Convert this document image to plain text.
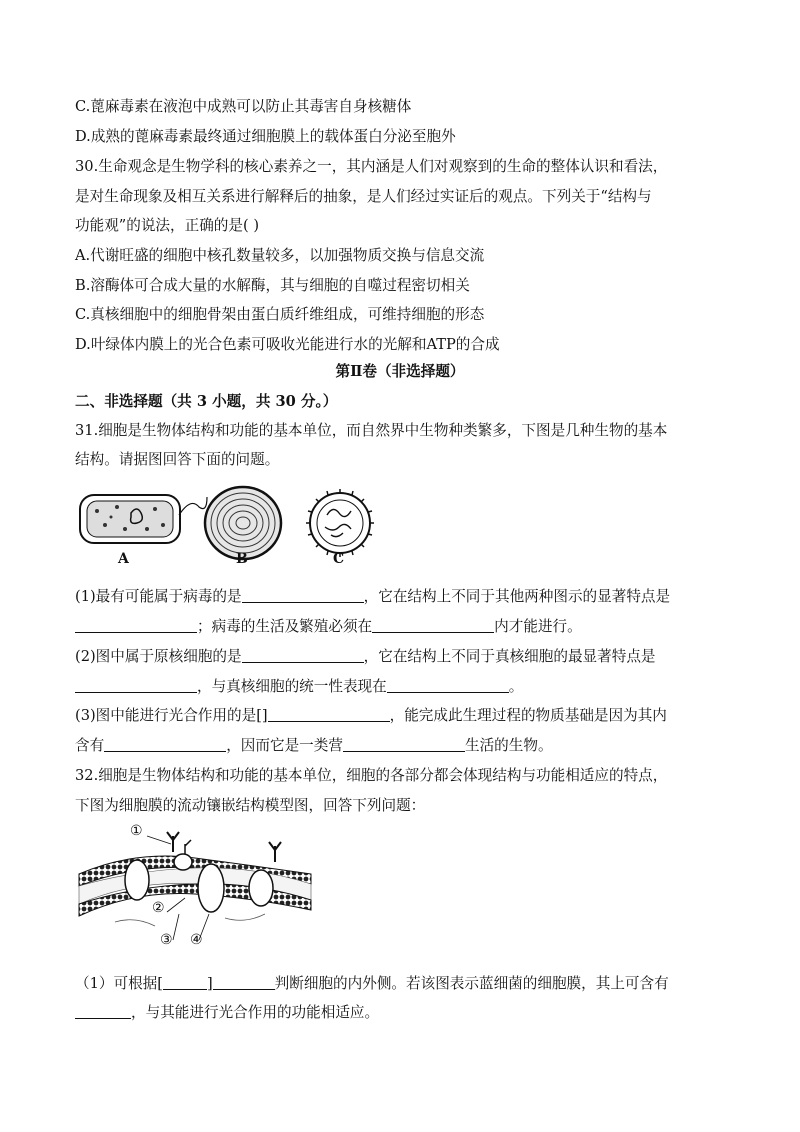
C.蓖麻毒素在液泡中成熟可以防止其毒害自身核糖体
D.成熟的蓖麻毒素最终通过细胞膜上的载体蛋白分泌至胞外
30.生命观念是生物学科的核心素养之一，其内涵是人们对观察到的生命的整体认识和看法，
是对生命现象及相互关系进行解释后的抽象，是人们经过实证后的观点。下列关于“结构与
功能观”的说法，正确的是( )
A.代谢旺盛的细胞中核孔数量较多，以加强物质交换与信息交流
B.溶酶体可合成大量的水解酶，其与细胞的自噬过程密切相关
C.真核细胞中的细胞骨架由蛋白质纤维组成，可维持细胞的形态
D.叶绿体内膜上的光合色素可吸收光能进行水的光解和ATP的合成
第Ⅱ卷（非选择题）
二、非选择题（共 3 小题，共 30 分。）
31.细胞是生物体结构和功能的基本单位，而自然界中生物种类繁多，下图是几种生物的基本
结构。请据图回答下面的问题。
A	B	C
(1)最有可能属于病毒的是	，它在结构上不同于其他两种图示的显著特点是
；病毒的生活及繁殖必须在	内才能进行。
(2)图中属于原核细胞的是	，它在结构上不同于真核细胞的最显著特点是
，与真核细胞的统一性表现在	。
(3)图中能进行光合作用的是[]	，能完成此生理过程的物质基础是因为其内
含有	，因而它是一类营	生活的生物。
32.细胞是生物体结构和功能的基本单位，细胞的各部分都会体现结构与功能相适应的特点，
下图为细胞膜的流动镶嵌结构模型图，回答下列问题：
①
②
③ ④
（1）可根据[	]	判断细胞的内外侧。若该图表示蓝细菌的细胞膜，其上可含有
，与其能进行光合作用的功能相适应。
